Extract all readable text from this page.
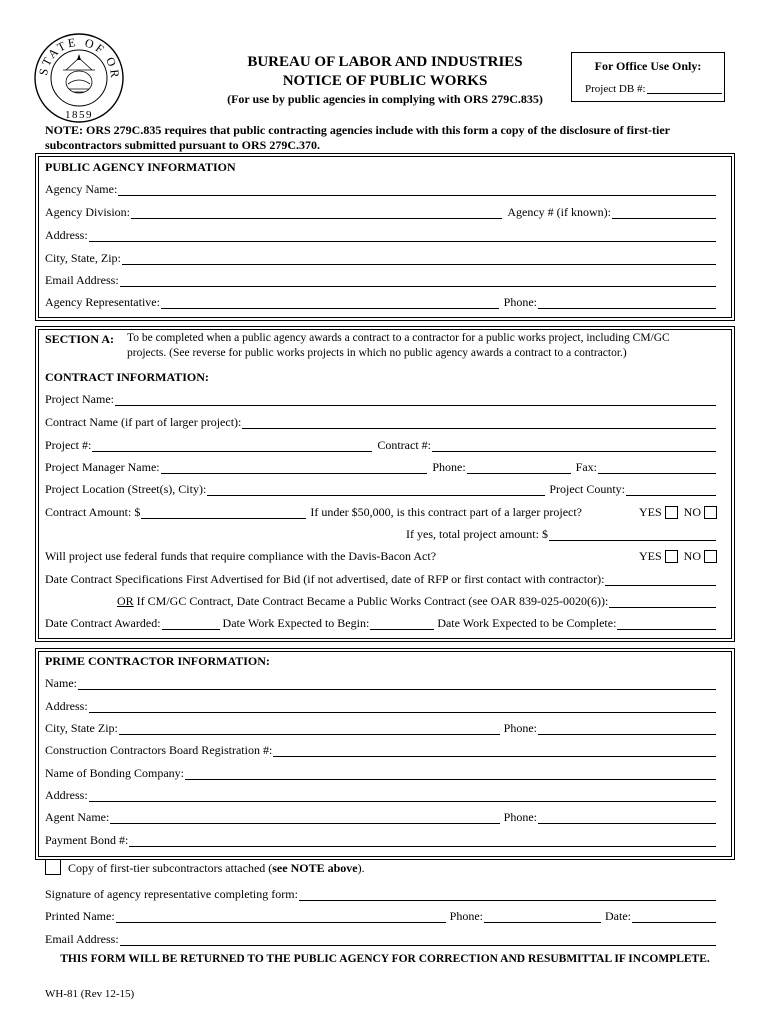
STATE OF OR
1859
BUREAU OF LABOR AND INDUSTRIES
NOTICE OF PUBLIC WORKS
(For use by public agencies in complying with ORS 279C.835)
For Office Use Only:
Project DB #:
NOTE: ORS 279C.835 requires that public contracting agencies include with this form a copy of the disclosure of first-tier subcontractors submitted pursuant to ORS 279C.370.
PUBLIC AGENCY INFORMATION
Agency Name:
Agency Division:	Agency # (if known):
Address:
City, State, Zip:
Email Address:
Agency Representative:	Phone:
SECTION A: To be completed when a public agency awards a contract to a contractor for a public works project, including CM/GC
projects. (See reverse for public works projects in which no public agency awards a contract to a contractor.)
CONTRACT INFORMATION:
Project Name:
Contract Name (if part of larger project):
Project #:	Contract #:
Project Manager Name:	Phone:	Fax:
Project Location (Street(s), City):	Project County:
Contract Amount: $	If under $50,000, is this contract part of a larger project?	YES NO
If yes, total project amount: $
Will project use federal funds that require compliance with the Davis-Bacon Act?	YES NO
Date Contract Specifications First Advertised for Bid (if not advertised, date of RFP or first contact with contractor):
OR If CM/GC Contract, Date Contract Became a Public Works Contract (see OAR 839-025-0020(6)):
Date Contract Awarded:	Date Work Expected to Begin:	Date Work Expected to be Complete:
PRIME CONTRACTOR INFORMATION:
Name:
Address:
City, State Zip:	Phone:
Construction Contractors Board Registration #:
Name of Bonding Company:
Address:
Agent Name:	Phone:
Payment Bond #:
Copy of first-tier subcontractors attached (see NOTE above).
Signature of agency representative completing form:
Printed Name:	Phone:	Date:
Email Address:
THIS FORM WILL BE RETURNED TO THE PUBLIC AGENCY FOR CORRECTION AND RESUBMITTAL IF INCOMPLETE.
WH-81 (Rev 12-15)
